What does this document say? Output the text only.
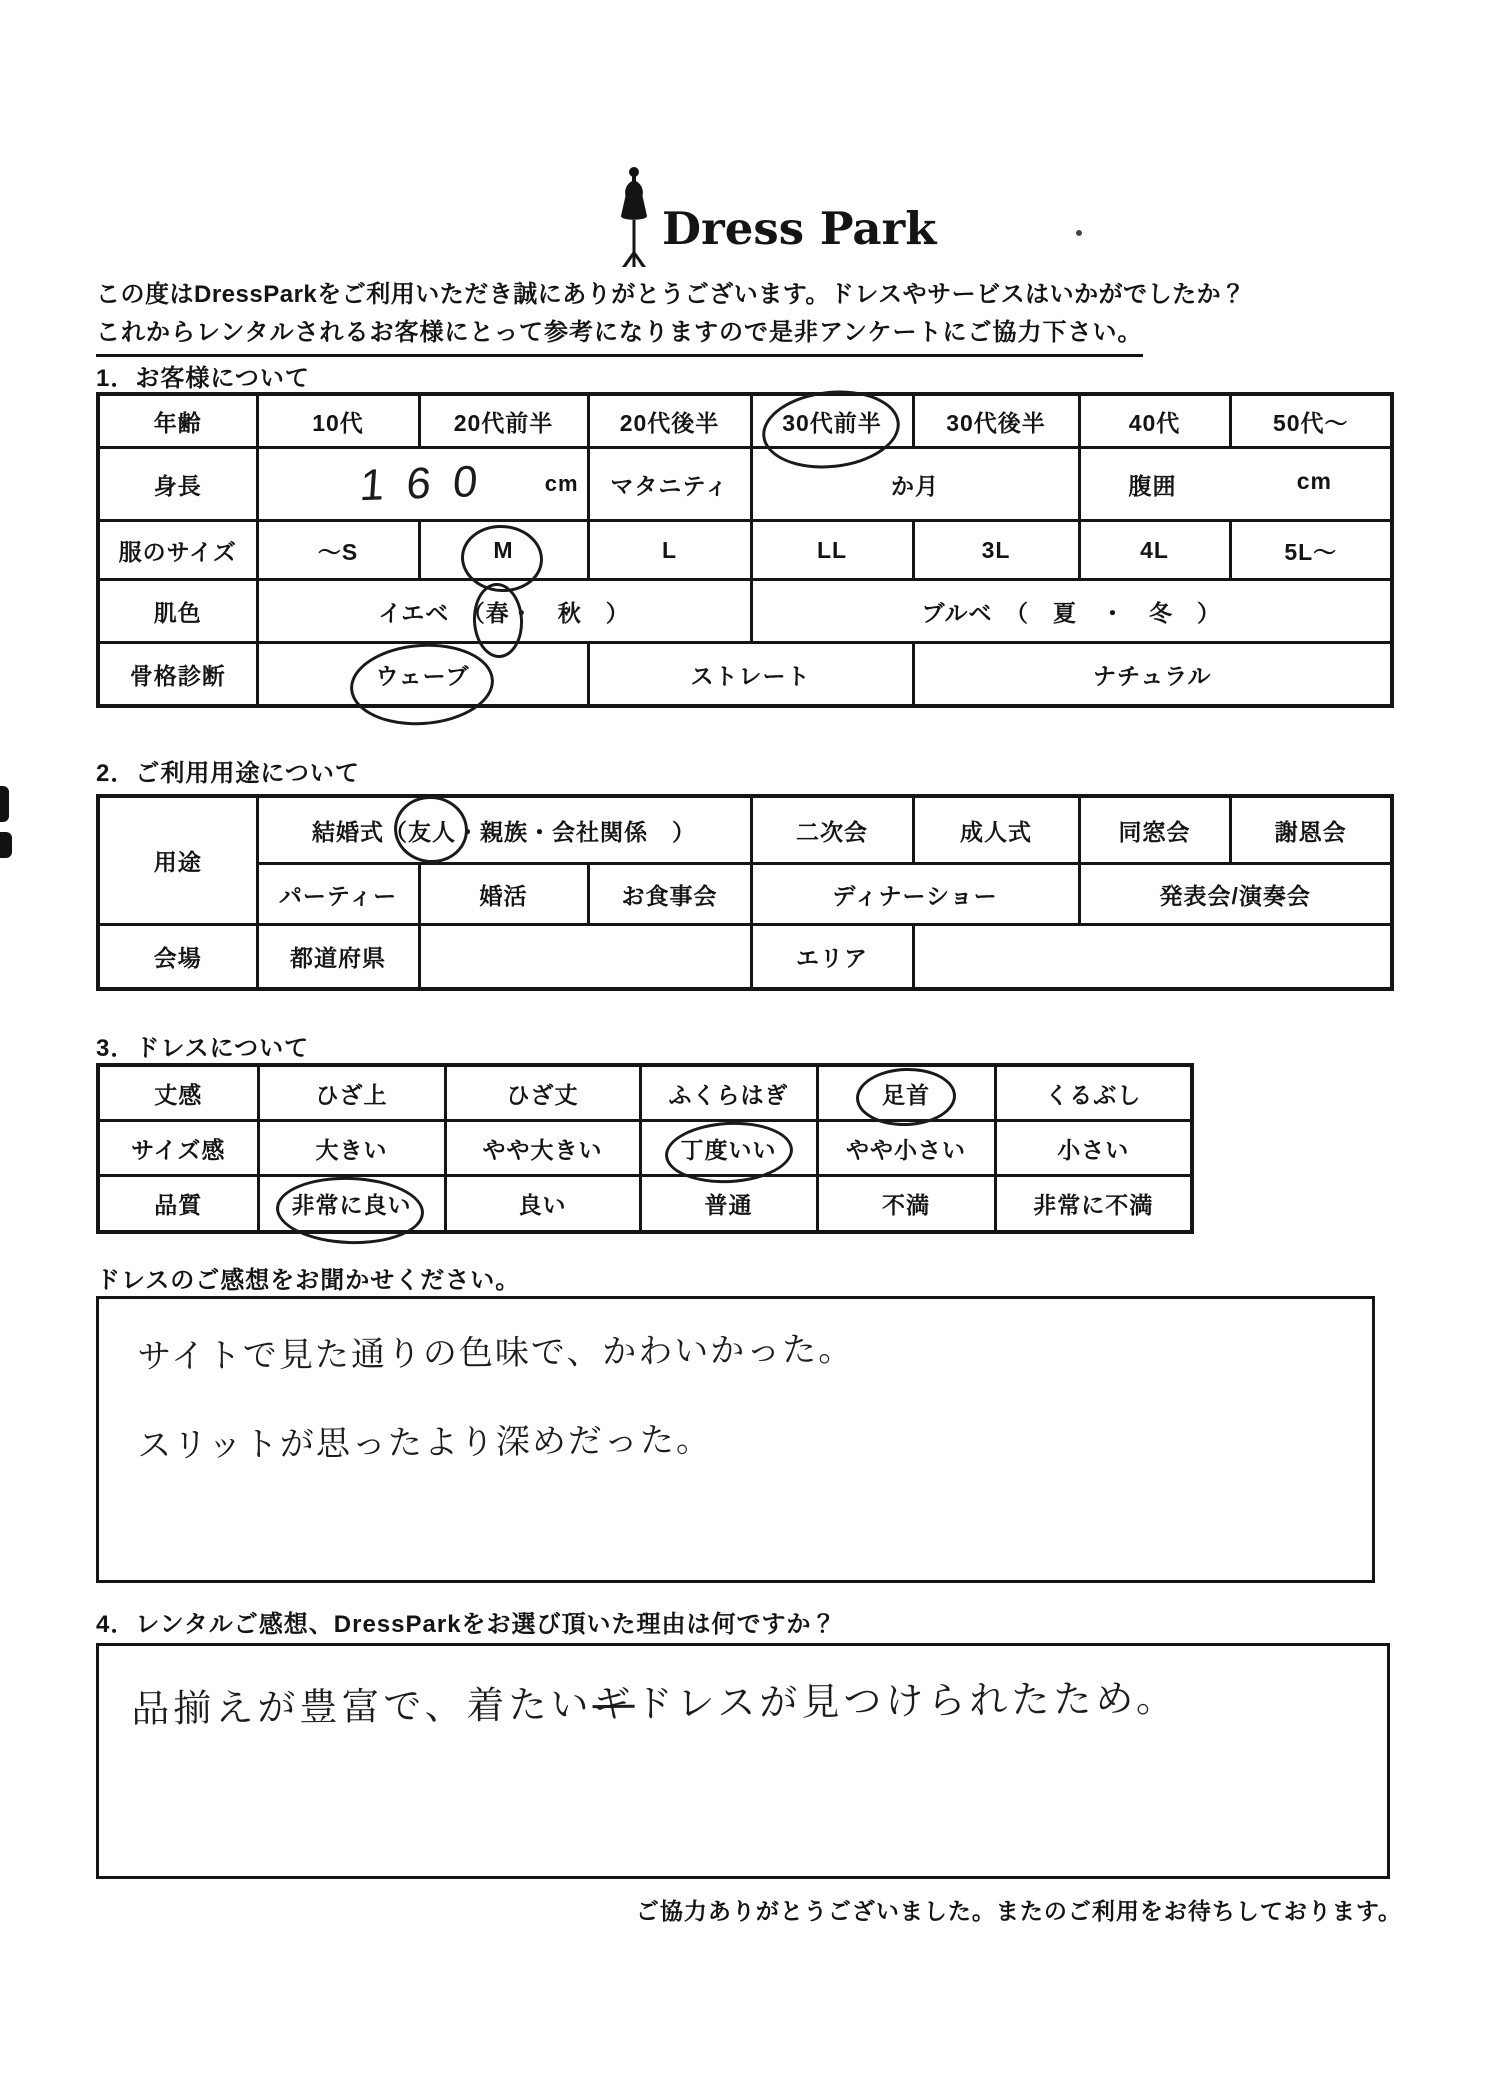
Dress Park
この度はDressParkをご利用いただき誠にありがとうございます。ドレスやサービスはいかがでしたか？
これからレンタルされるお客様にとって参考になりますので是非アンケートにご協力下さい。
1．お客様について
年齢	10代	20代前半	20代後半	30代前半	30代後半	40代	50代～
身長	160 cm		マタニティ	か月		腹囲 cm	

服のサイズ	～S	M	L	LL	3L	4L	5L～
肌色	イエベ　（春・　秋　）			ブルベ　（　夏　・　冬　）			
骨格診断	ウェーブ		ストレート		ナチュラル		
2．ご利用用途について
用途	結婚式（友人・親族・会社関係　）			二次会	成人式	同窓会	謝恩会
	パーティー	婚活	お食事会	ディナーショー		発表会/演奏会	
会場	都道府県			エリア			
3．ドレスについて
丈感	ひざ上	ひざ丈	ふくらはぎ	足首	くるぶし
サイズ感	大きい	やや大きい	丁度いい	やや小さい	小さい
品質	非常に良い	良い	普通	不満	非常に不満
ドレスのご感想をお聞かせください。
サイトで見た通りの色味で、かわいかった。
スリットが思ったより深めだった。
4．レンタルご感想、DressParkをお選び頂いた理由は何ですか？
品揃えが豊富で、着たいギドレスが見つけられたため。
ご協力ありがとうございました。またのご利用をお待ちしております。
